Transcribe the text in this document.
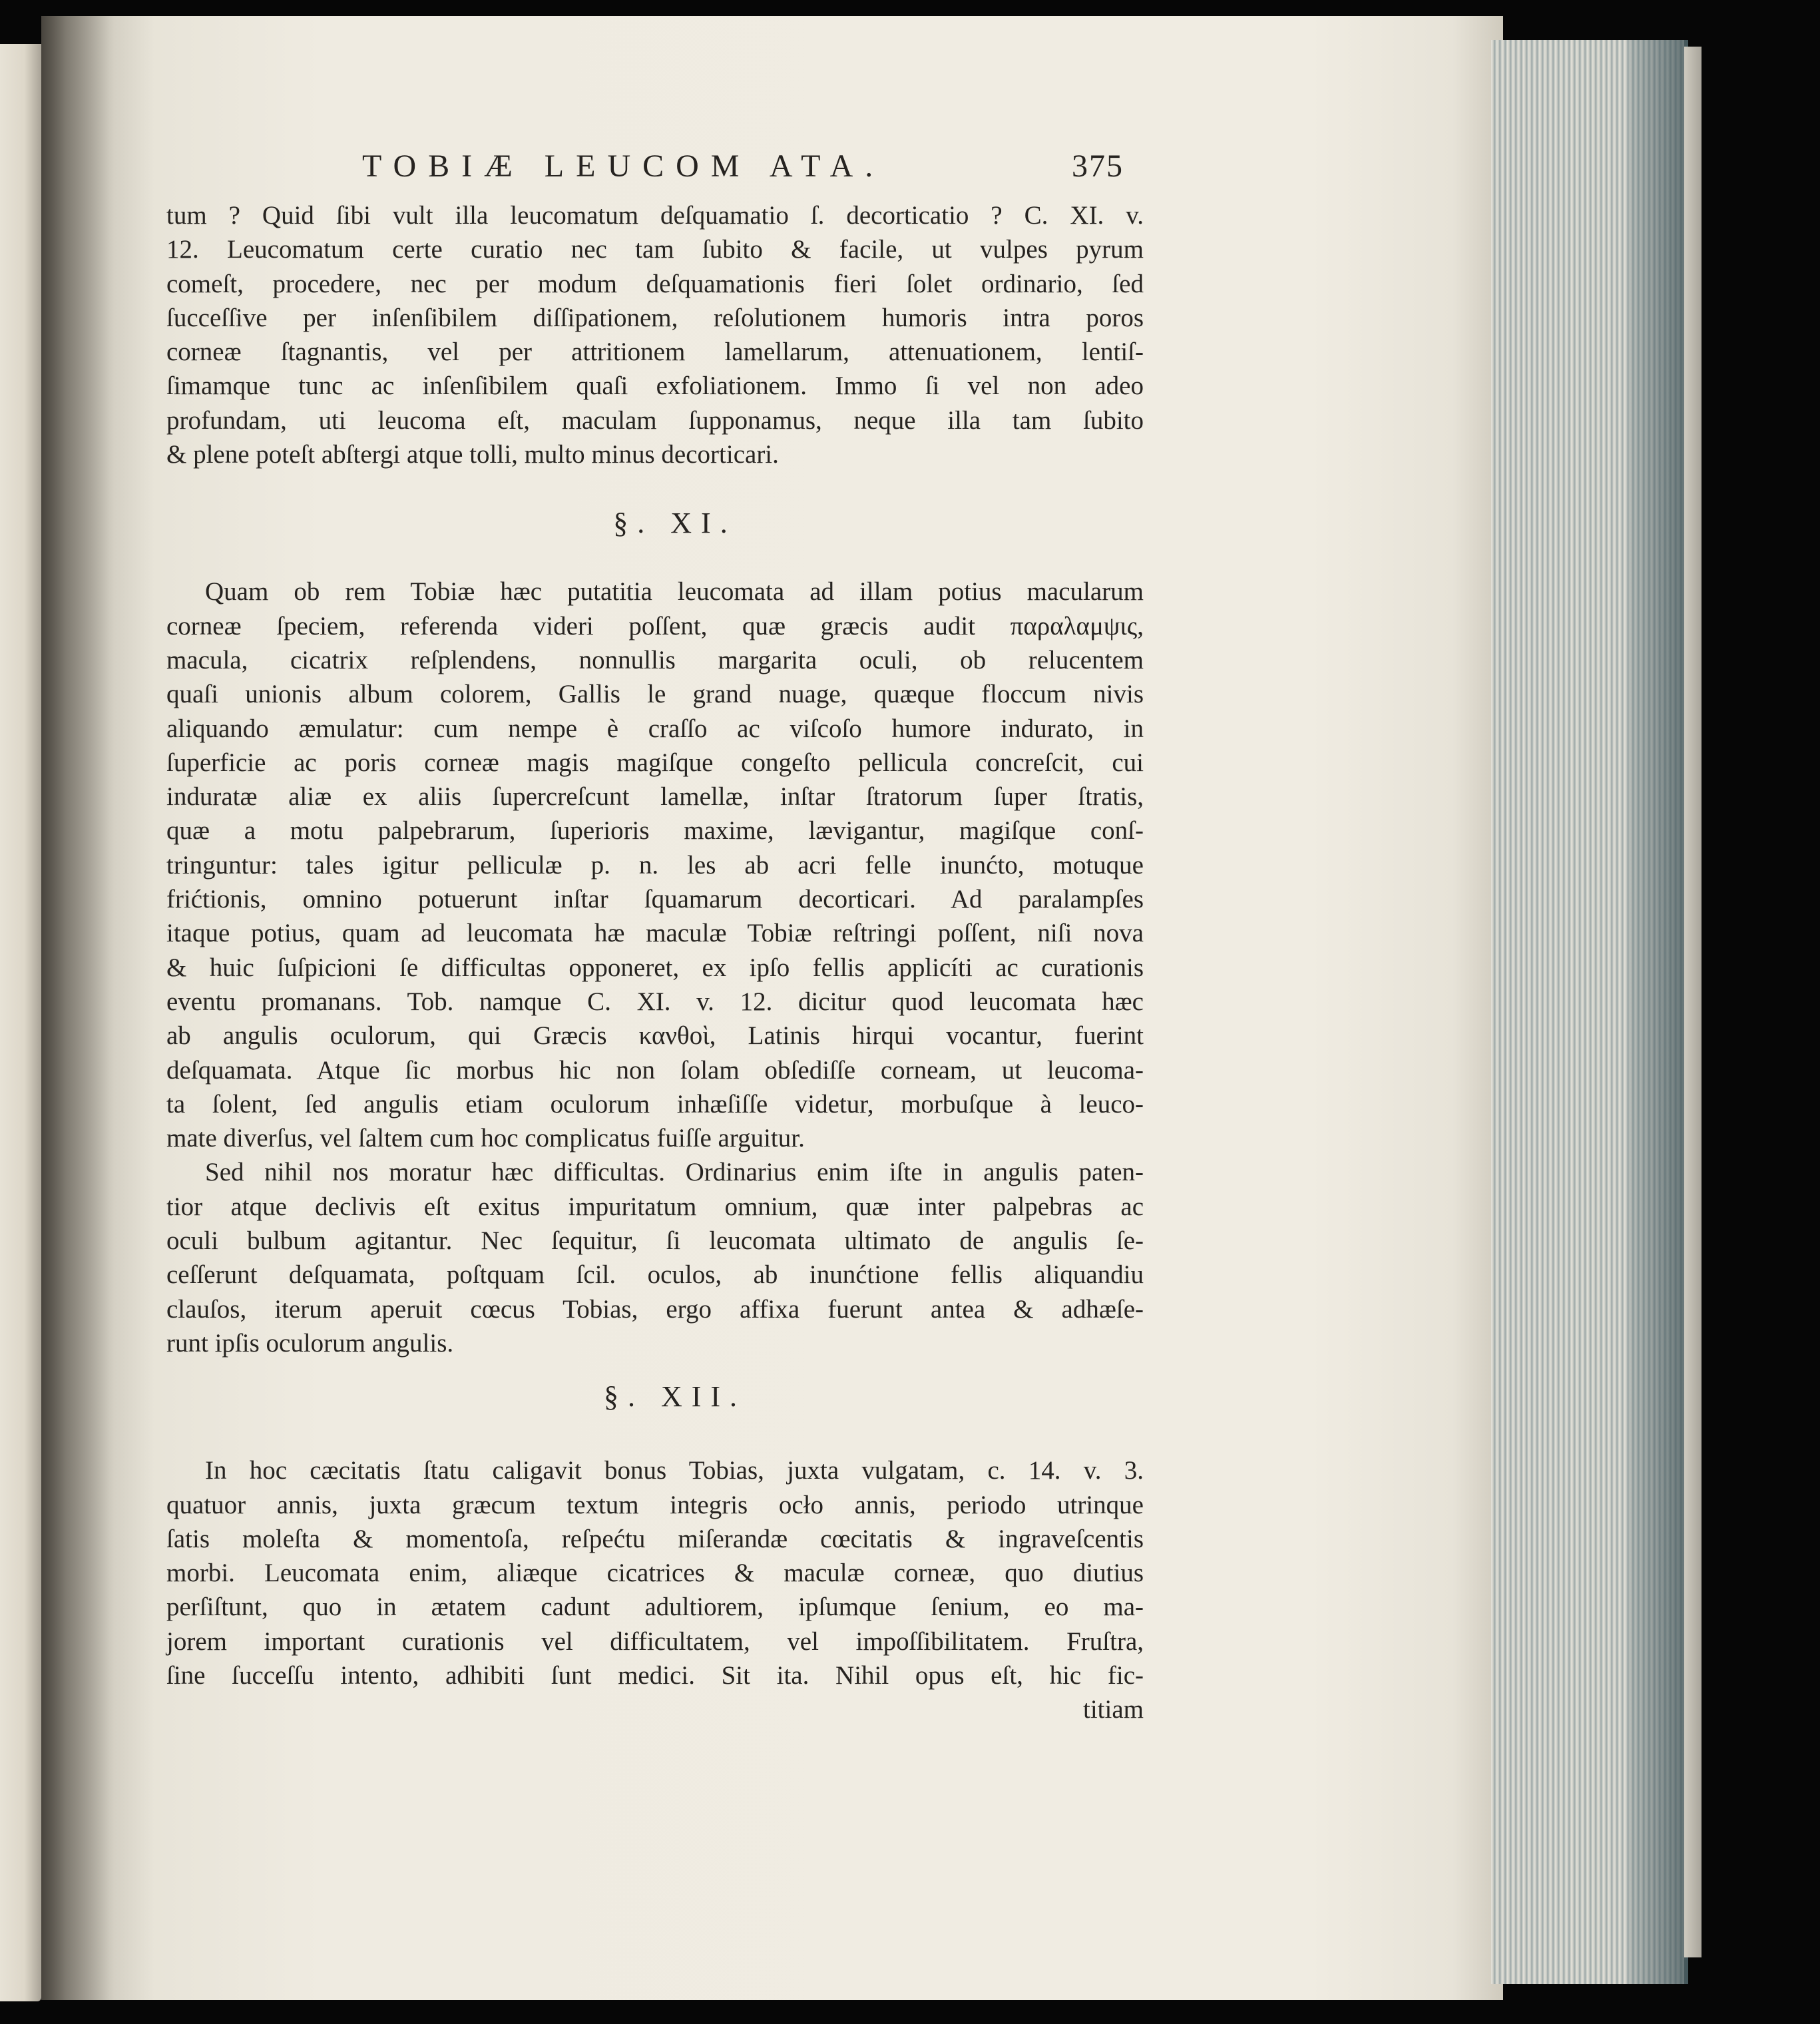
TOBIÆ LEUCOM ATA.	375
tum ? Quid ſibi vult illa leucomatum deſquamatio ſ. decorticatio ? C. XI. v.
12. Leucomatum certe curatio nec tam ſubito & facile, ut vulpes pyrum
comeſt, procedere, nec per modum deſquamationis fieri ſolet ordinario, ſed
ſucceſſive per inſenſibilem diſſipationem, reſolutionem humoris intra poros
corneæ ſtagnantis, vel per attritionem lamellarum, attenuationem, lentiſ-
ſimamque tunc ac inſenſibilem quaſi exfoliationem. Immo ſi vel non adeo
profundam, uti leucoma eſt, maculam ſupponamus, neque illa tam ſubito
& plene poteſt abſtergi atque tolli, multo minus decorticari.
§. XI.
Quam ob rem Tobiæ hæc putatitia leucomata ad illam potius macularum
corneæ ſpeciem, referenda videri poſſent, quæ græcis audit παραλαμψις,
macula, cicatrix reſplendens, nonnullis margarita oculi, ob relucentem
quaſi unionis album colorem, Gallis le grand nuage, quæque floccum nivis
aliquando æmulatur: cum nempe è craſſo ac viſcoſo humore indurato, in
ſuperficie ac poris corneæ magis magiſque congeſto pellicula concreſcit, cui
induratæ aliæ ex aliis ſupercreſcunt lamellæ, inſtar ſtratorum ſuper ſtratis,
quæ a motu palpebrarum, ſuperioris maxime, lævigantur, magiſque conſ-
tringuntur: tales igitur pelliculæ p. n. les ab acri felle inunćto, motuque
frićtionis, omnino potuerunt inſtar ſquamarum decorticari. Ad paralampſes
itaque potius, quam ad leucomata hæ maculæ Tobiæ reſtringi poſſent, niſi nova
& huic ſuſpicioni ſe difficultas opponeret, ex ipſo fellis applicíti ac curationis
eventu promanans. Tob. namque C. XI. v. 12. dicitur quod leucomata hæc
ab angulis oculorum, qui Græcis κανθοὶ, Latinis hirqui vocantur, fuerint
deſquamata. Atque ſic morbus hic non ſolam obſediſſe corneam, ut leucoma-
ta ſolent, ſed angulis etiam oculorum inhæſiſſe videtur, morbuſque à leuco-
mate diverſus, vel ſaltem cum hoc complicatus fuiſſe arguitur.
Sed nihil nos moratur hæc difficultas. Ordinarius enim iſte in angulis paten-
tior atque declivis eſt exitus impuritatum omnium, quæ inter palpebras ac
oculi bulbum agitantur. Nec ſequitur, ſi leucomata ultimato de angulis ſe-
ceſſerunt deſquamata, poſtquam ſcil. oculos, ab inunćtione fellis aliquandiu
clauſos, iterum aperuit cœcus Tobias, ergo affixa fuerunt antea & adhæſe-
runt ipſis oculorum angulis.
§. XII.
In hoc cæcitatis ſtatu caligavit bonus Tobias, juxta vulgatam, c. 14. v. 3.
quatuor annis, juxta græcum textum integris ocło annis, periodo utrinque
ſatis moleſta & momentoſa, reſpećtu miſerandæ cœcitatis & ingraveſcentis
morbi. Leucomata enim, aliæque cicatrices & maculæ corneæ, quo diutius
perſiſtunt, quo in ætatem cadunt adultiorem, ipſumque ſenium, eo ma-
jorem important curationis vel difficultatem, vel impoſſibilitatem. Fruſtra,
ſine ſucceſſu intento, adhibiti ſunt medici. Sit ita. Nihil opus eſt, hic fic-
titiam
